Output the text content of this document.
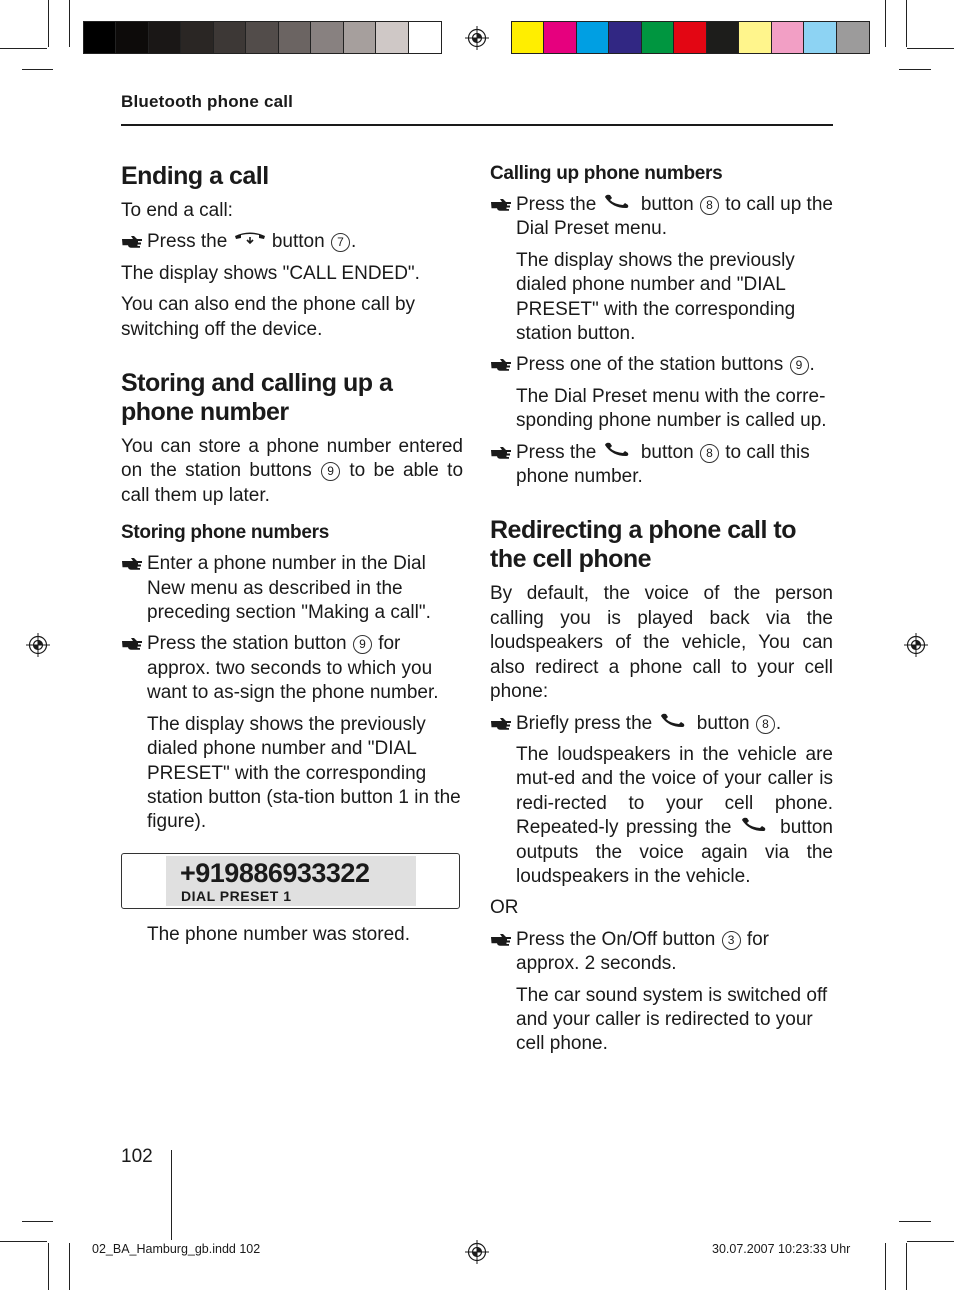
Bluetooth phone call
Ending a call
To end a call:
Press the button 7 .
The display shows "CALL ENDED".
You can also end the phone call by switching off the device.
Storing and calling up a phone number
You can store a phone number entered on the station buttons 9 to be able to call them up later.
Storing phone numbers
Enter a phone number in the Dial New menu as described in the preceding section "Making a call".
Press the station button 9 for approx. two seconds to which you want to as-sign the phone number.
The display shows the previously dialed phone number and "DIAL PRESET" with the corresponding station button (sta-tion button 1 in the figure).
+919886933322
DIAL PRESET 1
The phone number was stored.
Calling up phone numbers
Press the button 8 to call up the Dial Preset menu.
The display shows the previously dialed phone number and "DIAL PRESET" with the corresponding station button.
Press one of the station buttons 9 .
The Dial Preset menu with the corre-sponding phone number is called up.
Press the button 8 to call this phone number.
Redirecting a phone call to the cell phone
By default, the voice of the person calling you is played back via the loudspeakers of the vehicle, You can also redirect a phone call to your cell phone:
Briefly press the button 8 .
The loudspeakers in the vehicle are mut-ed and the voice of your caller is redi-rected to your cell phone. Repeated-ly pressing the	button outputs the voice again via the loudspeakers in the vehicle.
OR
Press the On/Off button 3 for approx. 2 seconds.
The car sound system is switched off and your caller is redirected to your cell phone.
102
02_BA_Hamburg_gb.indd 102	30.07.2007 10:23:33 Uhr
